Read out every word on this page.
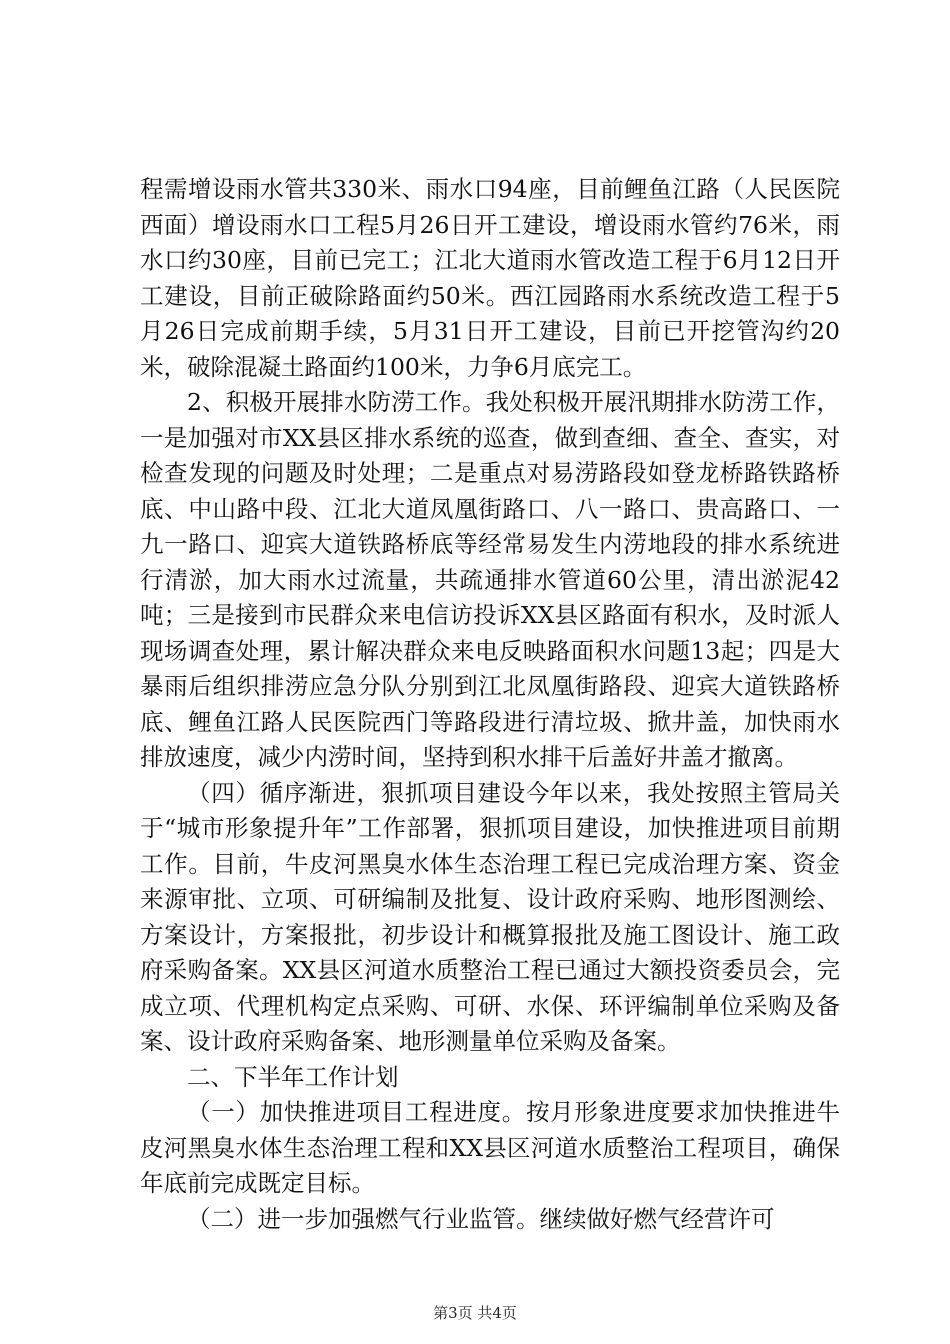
程需增设雨水管共330米、雨水口94座，目前鲤鱼江路（人民医院西面）增设雨水口工程5月26日开工建设，增设雨水管约76米，雨水口约30座，目前已完工；江北大道雨水管改造工程于6月12日开工建设，目前正破除路面约50米。西江园路雨水系统改造工程于5月26日完成前期手续，5月31日开工建设，目前已开挖管沟约20米，破除混凝土路面约100米，力争6月底完工。

2、积极开展排水防涝工作。我处积极开展汛期排水防涝工作，一是加强对市XX县区排水系统的巡查，做到查细、查全、查实，对检查发现的问题及时处理；二是重点对易涝路段如登龙桥路铁路桥底、中山路中段、江北大道凤凰街路口、八一路口、贵高路口、一九一路口、迎宾大道铁路桥底等经常易发生内涝地段的排水系统进行清淤，加大雨水过流量，共疏通排水管道60公里，清出淤泥42吨；三是接到市民群众来电信访投诉XX县区路面有积水，及时派人现场调查处理，累计解决群众来电反映路面积水问题13起；四是大暴雨后组织排涝应急分队分别到江北凤凰街路段、迎宾大道铁路桥底、鲤鱼江路人民医院西门等路段进行清垃圾、掀井盖，加快雨水排放速度，减少内涝时间，坚持到积水排干后盖好井盖才撤离。

（四）循序渐进，狠抓项目建设今年以来，我处按照主管局关于“城市形象提升年”工作部署，狠抓项目建设，加快推进项目前期工作。目前，牛皮河黑臭水体生态治理工程已完成治理方案、资金来源审批、立项、可研编制及批复、设计政府采购、地形图测绘、方案设计，方案报批，初步设计和概算报批及施工图设计、施工政府采购备案。XX县区河道水质整治工程已通过大额投资委员会，完成立项、代理机构定点采购、可研、水保、环评编制单位采购及备案、设计政府采购备案、地形测量单位采购及备案。

二、下半年工作计划

（一）加快推进项目工程进度。按月形象进度要求加快推进牛皮河黑臭水体生态治理工程和XX县区河道水质整治工程项目，确保年底前完成既定目标。

（二）进一步加强燃气行业监管。继续做好燃气经营许可

第3页 共4页
